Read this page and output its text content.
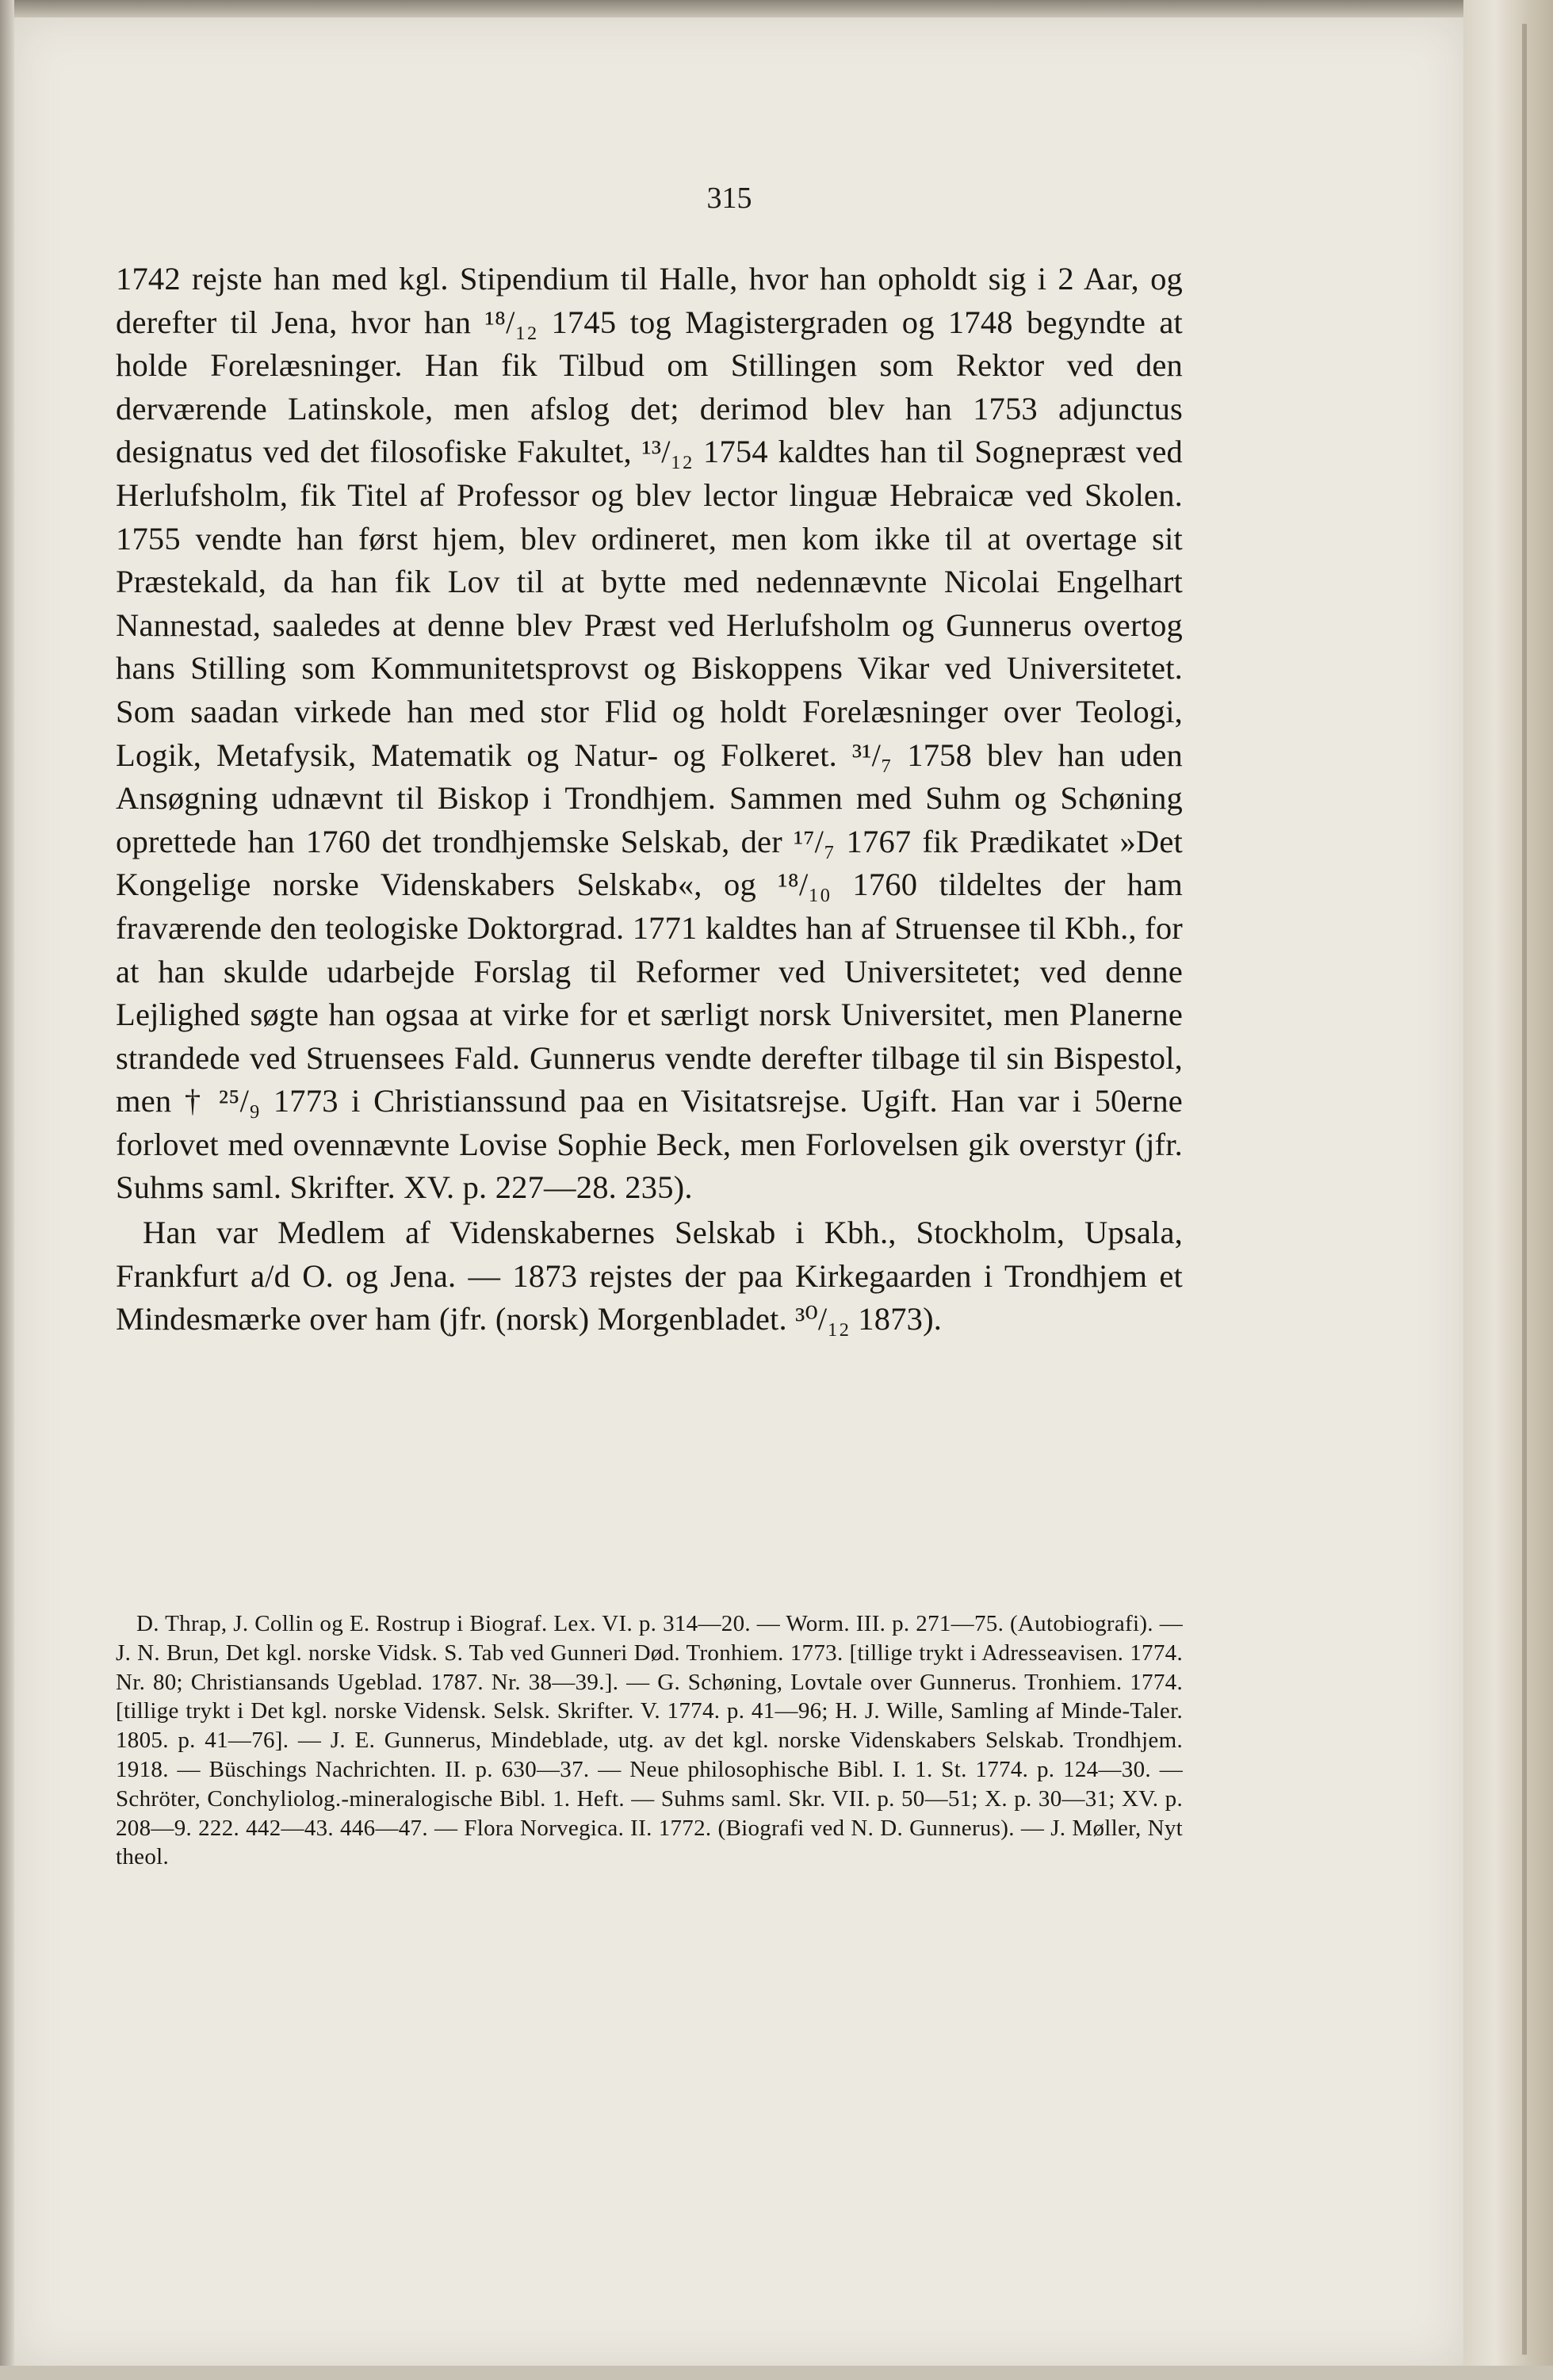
315

1742 rejste han med kgl. Stipendium til Halle, hvor han opholdt sig i 2 Aar, og derefter til Jena, hvor han ¹⁸/₁₂ 1745 tog Magistergraden og 1748 begyndte at holde Forelæsninger. Han fik Tilbud om Stillingen som Rektor ved den derværende Latinskole, men afslog det; derimod blev han 1753 adjunctus designatus ved det filosofiske Fakultet, ¹³/₁₂ 1754 kaldtes han til Sognepræst ved Herlufsholm, fik Titel af Professor og blev lector linguæ Hebraicæ ved Skolen. 1755 vendte han først hjem, blev ordineret, men kom ikke til at overtage sit Præstekald, da han fik Lov til at bytte med nedennævnte Nicolai Engelhart Nannestad, saaledes at denne blev Præst ved Herlufsholm og Gunnerus overtog hans Stilling som Kommunitetsprovst og Biskoppens Vikar ved Universitetet. Som saadan virkede han med stor Flid og holdt Forelæsninger over Teologi, Logik, Metafysik, Matematik og Natur- og Folkeret. ³¹/₇ 1758 blev han uden Ansøgning udnævnt til Biskop i Trondhjem. Sammen med Suhm og Schøning oprettede han 1760 det trondhjemske Selskab, der ¹⁷/₇ 1767 fik Prædikatet »Det Kongelige norske Videnskabers Selskab«, og ¹⁸/₁₀ 1760 tildeltes der ham fraværende den teologiske Doktorgrad. 1771 kaldtes han af Struensee til Kbh., for at han skulde udarbejde Forslag til Reformer ved Universitetet; ved denne Lejlighed søgte han ogsaa at virke for et særligt norsk Universitet, men Planerne strandede ved Struensees Fald. Gunnerus vendte derefter tilbage til sin Bispestol, men † ²⁵/₉ 1773 i Christianssund paa en Visitatsrejse. Ugift. Han var i 50erne forlovet med ovennævnte Lovise Sophie Beck, men Forlovelsen gik overstyr (jfr. Suhms saml. Skrifter. XV. p. 227—28. 235).

Han var Medlem af Videnskabernes Selskab i Kbh., Stockholm, Upsala, Frankfurt a/d O. og Jena. — 1873 rejstes der paa Kirkegaarden i Trondhjem et Mindesmærke over ham (jfr. (norsk) Morgenbladet. ³⁰/₁₂ 1873).

D. Thrap, J. Collin og E. Rostrup i Biograf. Lex. VI. p. 314—20. — Worm. III. p. 271—75. (Autobiografi). — J. N. Brun, Det kgl. norske Vidsk. S. Tab ved Gunneri Død. Tronhiem. 1773. [tillige trykt i Adresseavisen. 1774. Nr. 80; Christiansands Ugeblad. 1787. Nr. 38—39.]. — G. Schøning, Lovtale over Gunnerus. Tronhiem. 1774. [tillige trykt i Det kgl. norske Vidensk. Selsk. Skrifter. V. 1774. p. 41—96; H. J. Wille, Samling af Minde-Taler. 1805. p. 41—76]. — J. E. Gunnerus, Mindeblade, utg. av det kgl. norske Videnskabers Selskab. Trondhjem. 1918. — Büschings Nachrichten. II. p. 630—37. — Neue philosophische Bibl. I. 1. St. 1774. p. 124—30. — Schröter, Conchyliolog.-mineralogische Bibl. 1. Heft. — Suhms saml. Skr. VII. p. 50—51; X. p. 30—31; XV. p. 208—9. 222. 442—43. 446—47. — Flora Norvegica. II. 1772. (Biografi ved N. D. Gunnerus). — J. Møller, Nyt theol.
